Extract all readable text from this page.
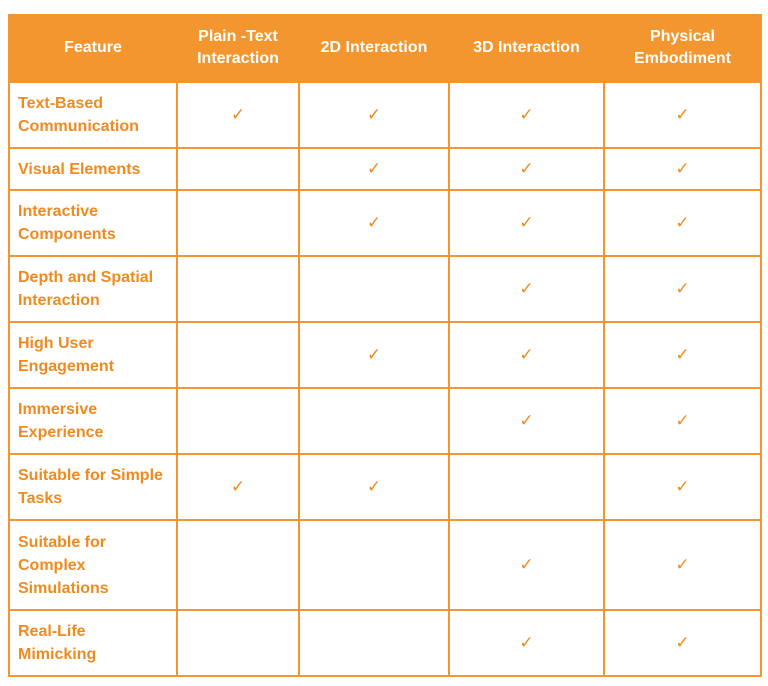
Feature	Plain -Text Interaction	2D Interaction	3D Interaction	Physical Embodiment
Text-Based Communication	✓	✓	✓	✓
Visual Elements		✓	✓	✓
Interactive Components		✓	✓	✓
Depth and Spatial Interaction			✓	✓
High User Engagement		✓	✓	✓
Immersive Experience			✓	✓
Suitable for Simple Tasks	✓	✓		✓
Suitable for Complex Simulations			✓	✓
Real-Life Mimicking			✓	✓
